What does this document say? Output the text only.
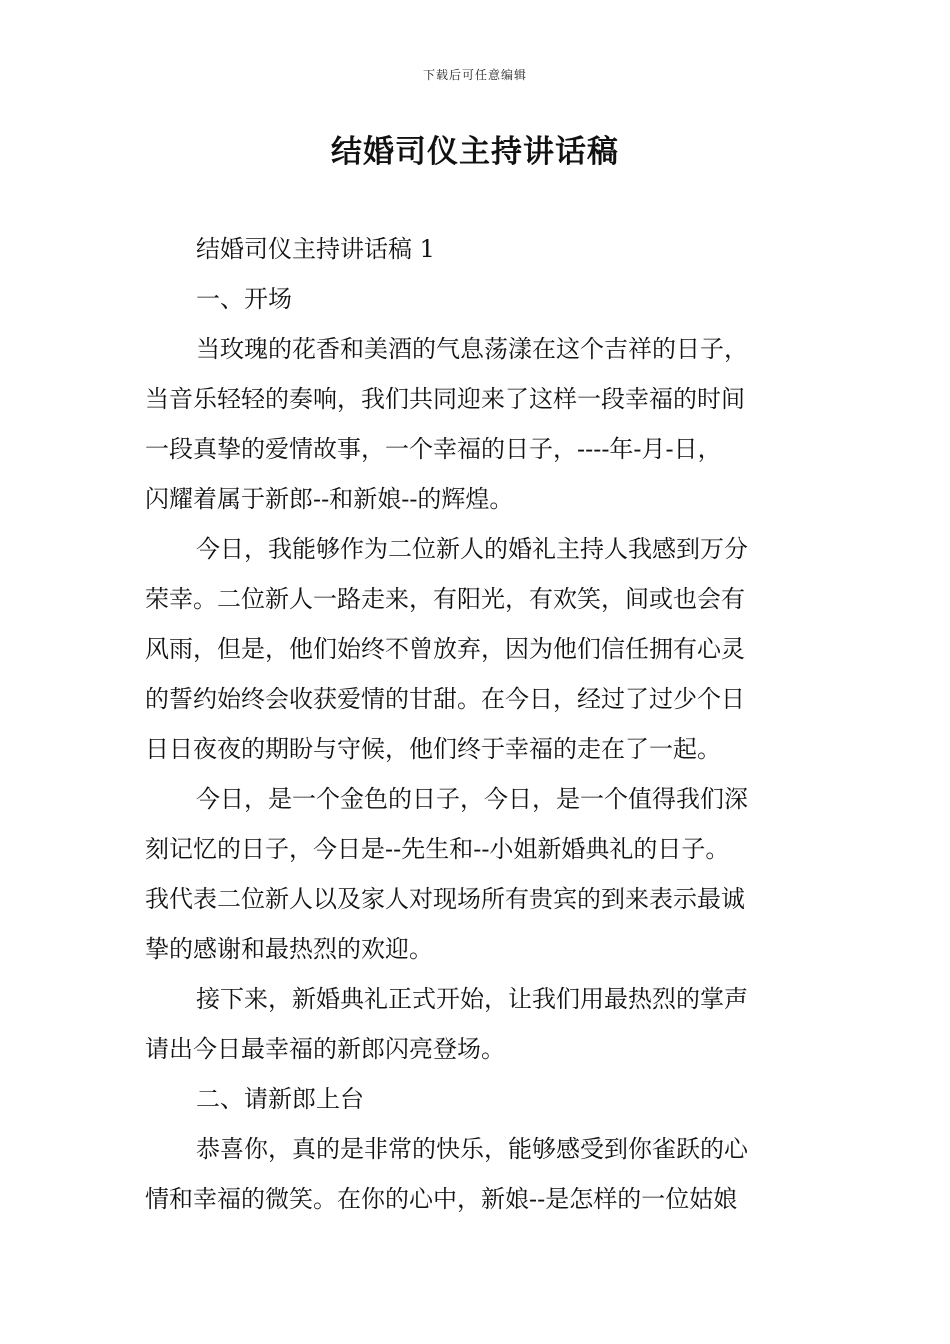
下载后可任意编辑
结婚司仪主持讲话稿
结婚司仪主持讲话稿 1
一、开场
当玫瑰的花香和美酒的气息荡漾在这个吉祥的日子，
当音乐轻轻的奏响，我们共同迎来了这样一段幸福的时间
一段真挚的爱情故事，一个幸福的日子，----年-月-日，
闪耀着属于新郎--和新娘--的辉煌。
今日，我能够作为二位新人的婚礼主持人我感到万分
荣幸。二位新人一路走来，有阳光，有欢笑，间或也会有
风雨，但是，他们始终不曾放弃，因为他们信任拥有心灵
的誓约始终会收获爱情的甘甜。在今日，经过了过少个日
日日夜夜的期盼与守候，他们终于幸福的走在了一起。
今日，是一个金色的日子，今日，是一个值得我们深
刻记忆的日子，今日是--先生和--小姐新婚典礼的日子。
我代表二位新人以及家人对现场所有贵宾的到来表示最诚
挚的感谢和最热烈的欢迎。
接下来，新婚典礼正式开始，让我们用最热烈的掌声
请出今日最幸福的新郎闪亮登场。
二、请新郎上台
恭喜你，真的是非常的快乐，能够感受到你雀跃的心
情和幸福的微笑。在你的心中，新娘--是怎样的一位姑娘
